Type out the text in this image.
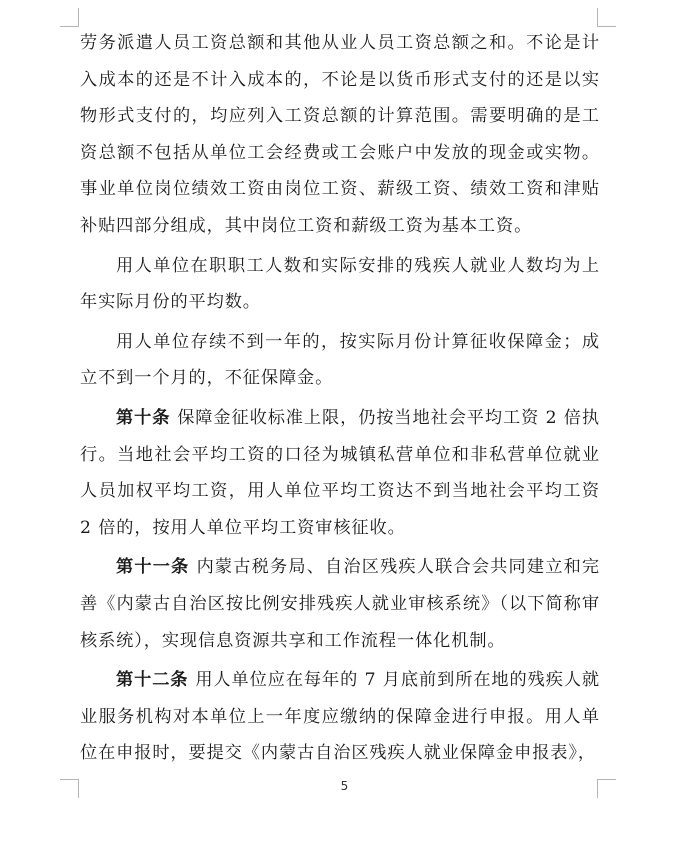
劳务派遣人员工资总额和其他从业人员工资总额之和。不论是计入成本的还是不计入成本的，不论是以货币形式支付的还是以实物形式支付的，均应列入工资总额的计算范围。需要明确的是工资总额不包括从单位工会经费或工会账户中发放的现金或实物。事业单位岗位绩效工资由岗位工资、薪级工资、绩效工资和津贴补贴四部分组成，其中岗位工资和薪级工资为基本工资。

用人单位在职职工人数和实际安排的残疾人就业人数均为上年实际月份的平均数。

用人单位存续不到一年的，按实际月份计算征收保障金；成立不到一个月的，不征保障金。

第十条 保障金征收标准上限，仍按当地社会平均工资 2 倍执行。当地社会平均工资的口径为城镇私营单位和非私营单位就业人员加权平均工资，用人单位平均工资达不到当地社会平均工资 2 倍的，按用人单位平均工资审核征收。

第十一条 内蒙古税务局、自治区残疾人联合会共同建立和完善《内蒙古自治区按比例安排残疾人就业审核系统》（以下简称审核系统），实现信息资源共享和工作流程一体化机制。

第十二条 用人单位应在每年的 7 月底前到所在地的残疾人就业服务机构对本单位上一年度应缴纳的保障金进行申报。用人单位在申报时，要提交《内蒙古自治区残疾人就业保障金申报表》，

5
